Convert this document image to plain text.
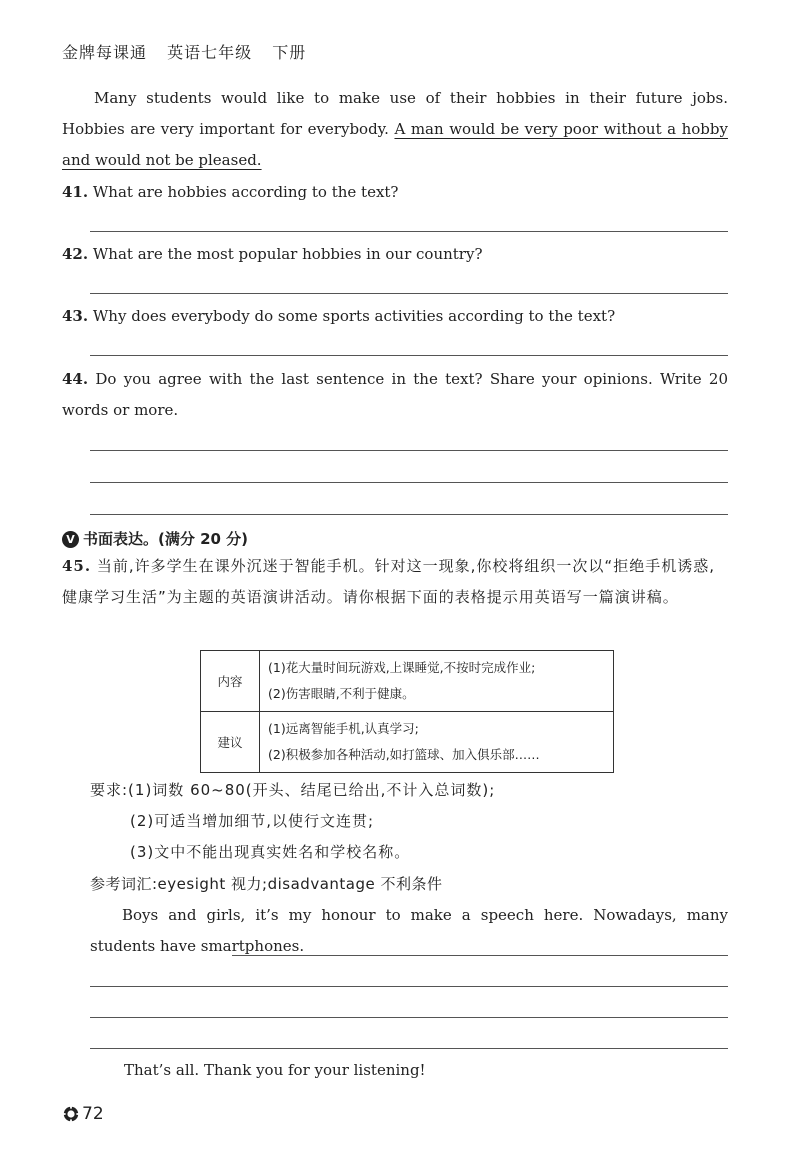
金牌每课通 英语七年级 下册
Many students would like to make use of their hobbies in their future jobs. Hobbies are very important for everybody. A man would be very poor without a hobby and would not be pleased.
41. What are hobbies according to the text?
42. What are the most popular hobbies in our country?
43. Why does everybody do some sports activities according to the text?
44. Do you agree with the last sentence in the text? Share your opinions. Write 20 words or more.
V 书面表达。(满分 20 分)
45. 当前,许多学生在课外沉迷于智能手机。针对这一现象,你校将组织一次以“拒绝手机诱惑,健康学习生活”为主题的英语演讲活动。请你根据下面的表格提示用英语写一篇演讲稿。
内容	(1)花大量时间玩游戏,上课睡觉,不按时完成作业;
(2)伤害眼睛,不利于健康。

建议	(1)远离智能手机,认真学习;
(2)积极参加各种活动,如打篮球、加入俱乐部……
要求:(1)词数 60~80(开头、结尾已给出,不计入总词数);
(2)可适当增加细节,以使行文连贯;
(3)文中不能出现真实姓名和学校名称。
参考词汇:eyesight 视力;disadvantage 不利条件
Boys and girls, it’s my honour to make a speech here. Nowadays, many students have smartphones.
That’s all. Thank you for your listening!
72
